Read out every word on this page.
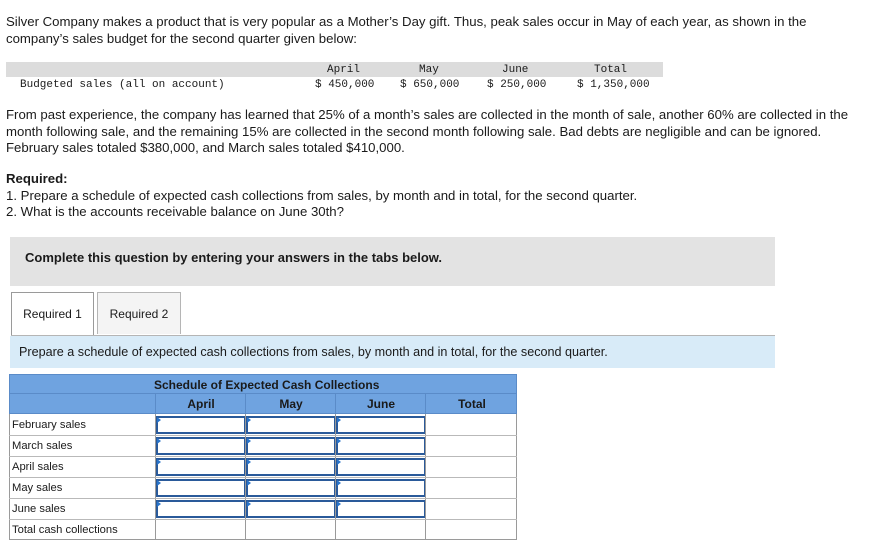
Silver Company makes a product that is very popular as a Mother’s Day gift. Thus, peak sales occur in May of each year, as shown in the company’s sales budget for the second quarter given below:

Budgeted sales (all on account)
April	May	June	Total
$ 450,000 $ 650,000	$ 250,000	$ 1,350,000

From past experience, the company has learned that 25% of a month’s sales are collected in the month of sale, another 60% are collected in the month following sale, and the remaining 15% are collected in the second month following sale. Bad debts are negligible and can be ignored. February sales totaled $380,000, and March sales totaled $410,000.

Required:
1. Prepare a schedule of expected cash collections from sales, by month and in total, for the second quarter.
2. What is the accounts receivable balance on June 30th?
Complete this question by entering your answers in the tabs below.
Required 1	Required 2
Prepare a schedule of expected cash collections from sales, by month and in total, for the second quarter.
Schedule of Expected Cash Collections
April	May	June	Total
February sales
March sales
April sales
May sales
June sales
Total cash collections
